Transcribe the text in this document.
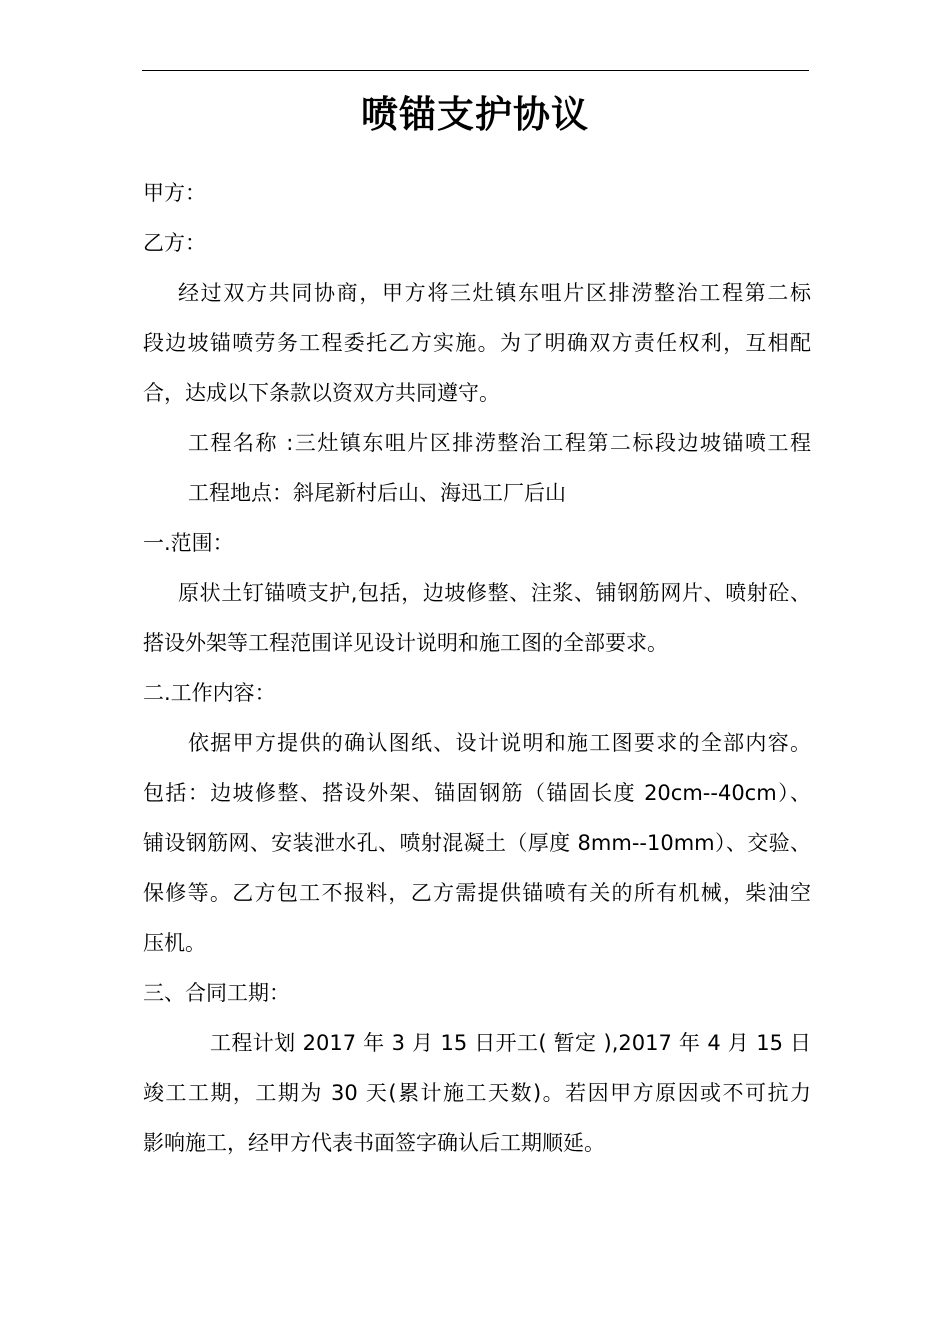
喷锚支护协议
甲方：
乙方：
经过双方共同协商，甲方将三灶镇东咀片区排涝整治工程第二标
段边坡锚喷劳务工程委托乙方实施。为了明确双方责任权利，互相配
合，达成以下条款以资双方共同遵守。
工程名称 :三灶镇东咀片区排涝整治工程第二标段边坡锚喷工程
工程地点：斜尾新村后山、海迅工厂后山
一.范围：
原状土钉锚喷支护,包括，边坡修整、注浆、铺钢筋网片、喷射砼、
搭设外架等工程范围详见设计说明和施工图的全部要求。
二.工作内容：
依据甲方提供的确认图纸、设计说明和施工图要求的全部内容。
包括：边坡修整、搭设外架、锚固钢筋（锚固长度 20cm--40cm）、
铺设钢筋网、安装泄水孔、喷射混凝土（厚度 8mm--10mm）、交验、
保修等。乙方包工不报料，乙方需提供锚喷有关的所有机械，柴油空
压机。
三、合同工期：
工程计划 2017 年 3 月 15 日开工( 暂定 ),2017 年 4 月 15 日
竣工工期，工期为 30 天(累计施工天数)。若因甲方原因或不可抗力
影响施工，经甲方代表书面签字确认后工期顺延。
